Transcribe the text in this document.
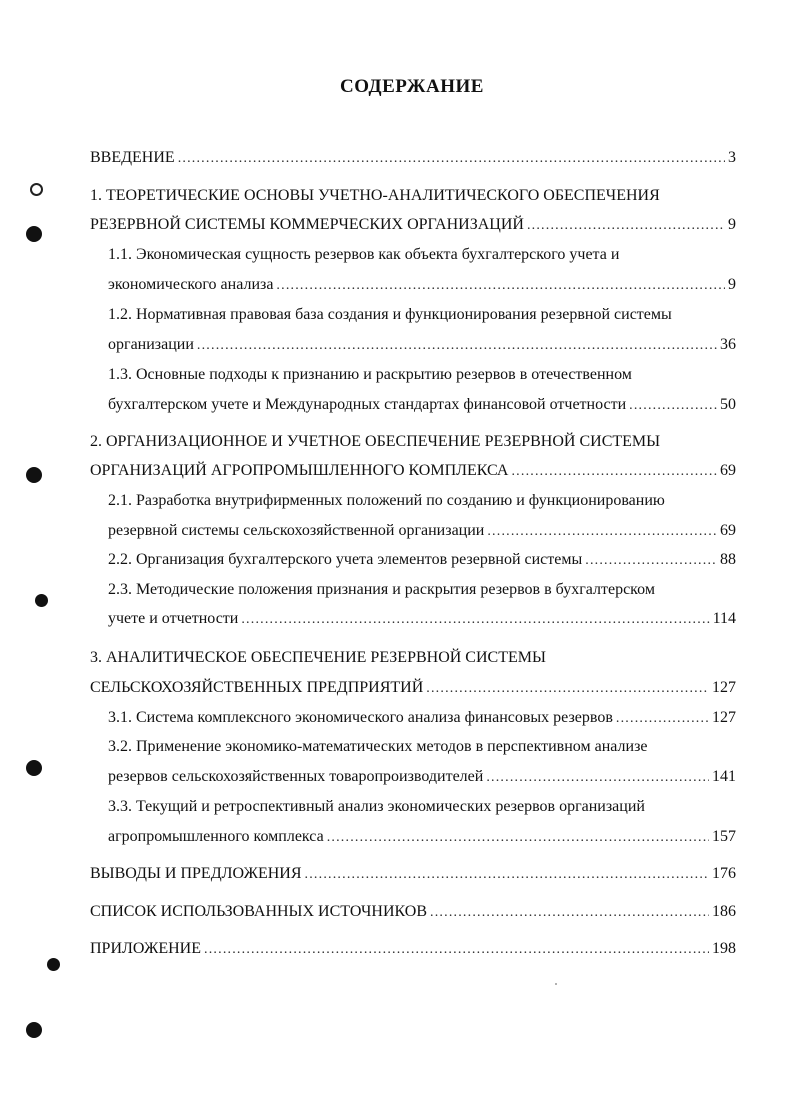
СОДЕРЖАНИЕ
ВВЕДЕНИЕ .....	3
1. ТЕОРЕТИЧЕСКИЕ ОСНОВЫ УЧЕТНО-АНАЛИТИЧЕСКОГО ОБЕСПЕЧЕНИЯ
РЕЗЕРВНОЙ СИСТЕМЫ КОММЕРЧЕСКИХ ОРГАНИЗАЦИЙ .....	9
1.1. Экономическая сущность резервов как объекта бухгалтерского учета и
экономического анализа .....	9
1.2. Нормативная правовая база создания и функционирования резервной системы
организации .....	36
1.3. Основные подходы к признанию и раскрытию резервов в отечественном
бухгалтерском учете и Международных стандартах финансовой отчетности .....	50
2. ОРГАНИЗАЦИОННОЕ И УЧЕТНОЕ ОБЕСПЕЧЕНИЕ РЕЗЕРВНОЙ СИСТЕМЫ
ОРГАНИЗАЦИЙ АГРОПРОМЫШЛЕННОГО КОМПЛЕКСА .....	69
2.1. Разработка внутрифирменных положений по созданию и функционированию
резервной системы сельскохозяйственной организации .....	69
2.2. Организация бухгалтерского учета элементов резервной системы .....	88
2.3. Методические положения признания и раскрытия резервов в бухгалтерском
учете и отчетности .....	114
3. АНАЛИТИЧЕСКОЕ ОБЕСПЕЧЕНИЕ РЕЗЕРВНОЙ СИСТЕМЫ
СЕЛЬСКОХОЗЯЙСТВЕННЫХ ПРЕДПРИЯТИЙ .....	127
3.1. Система комплексного экономического анализа финансовых резервов .....	127
3.2. Применение экономико-математических методов в перспективном анализе
резервов сельскохозяйственных товаропроизводителей .....	141
3.3. Текущий и ретроспективный анализ экономических резервов организаций
агропромышленного комплекса .....	157
ВЫВОДЫ И ПРЕДЛОЖЕНИЯ .....	176
СПИСОК ИСПОЛЬЗОВАННЫХ ИСТОЧНИКОВ .....	186
ПРИЛОЖЕНИЕ .....	198
